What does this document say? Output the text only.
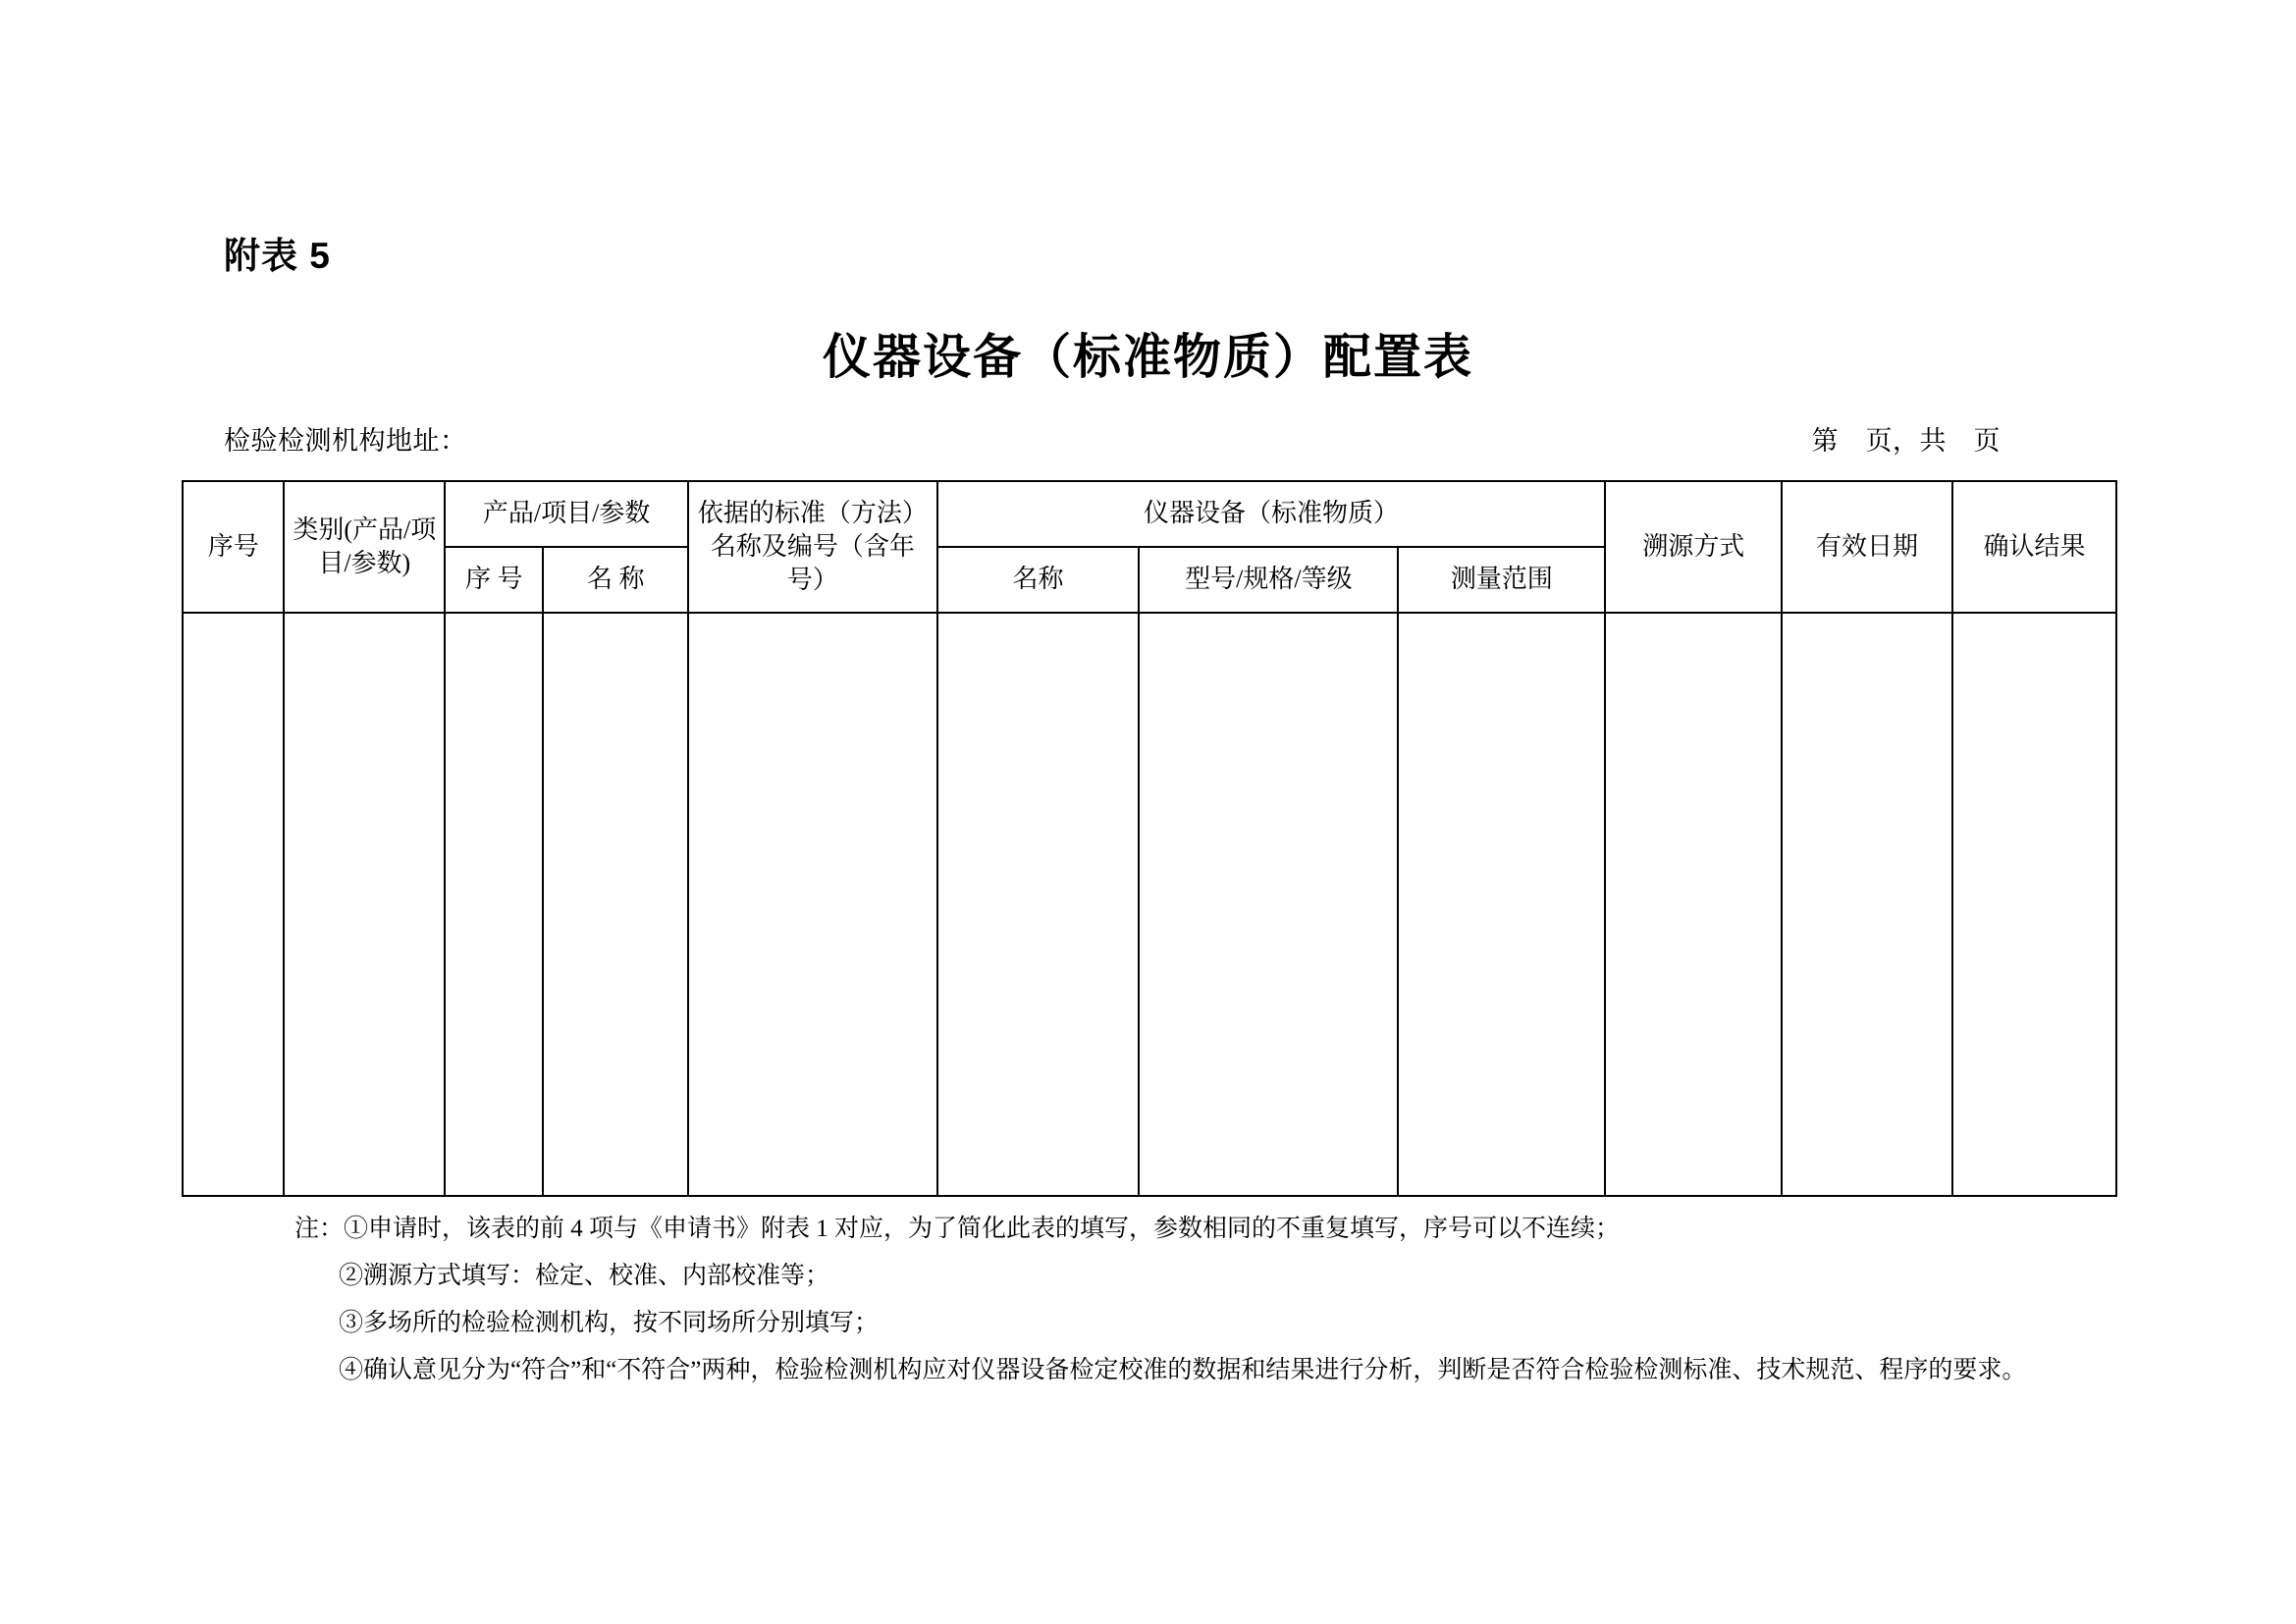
附表 5
仪器设备（标准物质）配置表
检验检测机构地址：	第　页，共　页
序号	类别(产品/项目/参数)	产品/项目/参数		依据的标准（方法）名称及编号（含年号）	仪器设备（标准物质）			溯源方式	有效日期	确认结果
		序 号	名 称		名称	型号/规格/等级	测量范围			

注：①申请时，该表的前 4 项与《申请书》附表 1 对应，为了简化此表的填写，参数相同的不重复填写，序号可以不连续；
②溯源方式填写：检定、校准、内部校准等；
③多场所的检验检测机构，按不同场所分别填写；
④确认意见分为“符合”和“不符合”两种，检验检测机构应对仪器设备检定校准的数据和结果进行分析，判断是否符合检验检测标准、技术规范、程序的要求。
